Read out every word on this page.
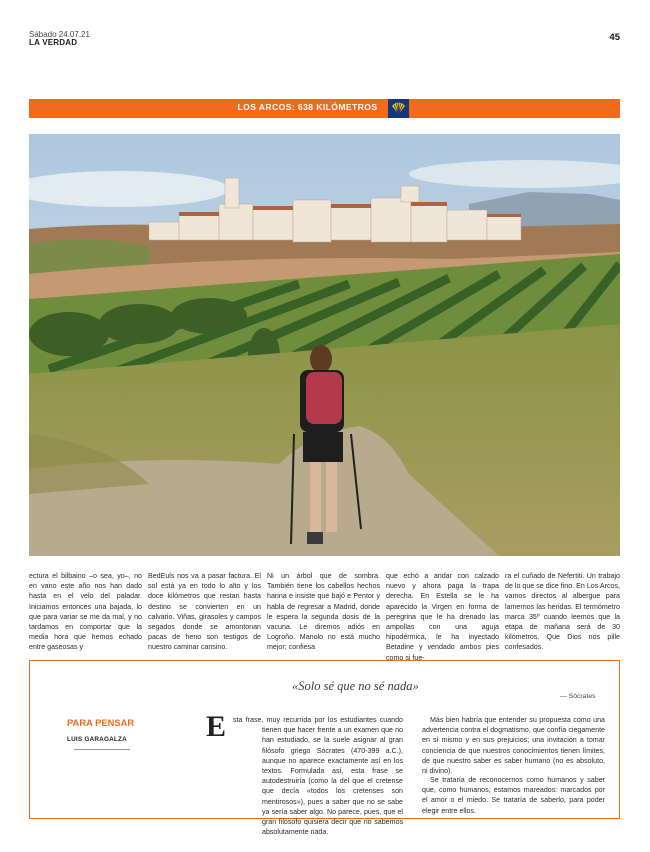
Sábado 24.07.21
LA VERDAD	45
LOS ARCOS: 638 KILÓMETROS
ectura el bilbaino –o sea, yo–, no en vano este año nos han dado hasta en el velo del paladar. Iniciamos entonces una bajada, lo que para variar se me da mal, y no tardamos en comportar que la media hora que hemos echado entre gaseosas y
BedEuls nos va a pasar factura. El sol está ya en todo lo alto y los doce kilómetros que restan hasta destino se convierten en un calvario. Viñas, girasoles y campos segados donde se amontonan pacas de heno son testigos de nuestro caminar cansino.
Ni un árbol que de sombra. También tiene los cabellos hechos harina e insiste que bajó e Pentor y habla de regresar a Madrid, donde le espera la segunda dosis de la vacuna. Le diremos adiós en Logroño. Manolo no está mucho mejor; confiesa
que echó a andar con calzado nuevo y ahora paga la trapa derecha. En Estella se le ha aparecido la Virgen en forma de peregrina que le ha drenado las ampollas con una aguja hipodérmica, le ha inyectado Betadine y vendado ambos pies como si fue-
ra el cuñado de Nefertiti. Un trabajo de lo que se dice fino. En Los Arcos, vamos directos al albergue para lamernos las heridas. El termómetro marca 35º cuando leemos que la etapa de mañana será de 30 kilómetros. Que Dios nos pille confesados.
«Solo sé que no sé nada»
— Sócrates
PARA PENSAR
LUIS GARAGALZA	E sta frase, muy recurrida por los estudiantes cuando tienen que hacer frente a un examen que no han estudiado, se la suele asignar al gran filósofo griego Sócrates (470-399 a.C.), aunque no aparece exactamente así en los textos. Formulada así, esta frase se autodestruiría (como la del que el cretense que decía «todos los cretenses son mentirosos»), pues a saber que no se sabe ya sería saber algo. No parece, pues, que el gran filósofo quisiera decir que no sabemos absolutamente nada.
Más bien habría que entender su propuesta como una advertencia contra el dogmatismo, que confía ciegamente en sí mismo y en sus prejuicios; una invitación a tomar conciencia de que nuestros conocimientos tienen límites, de que nuestro saber es saber humano (no es absoluto, ni divino).
Se trataría de reconocernos como humanos y saber que, como humanos, estamos mareados: marcados por el amor o el miedo. Se trataría de saberlo, para poder elegir entre ellos.
